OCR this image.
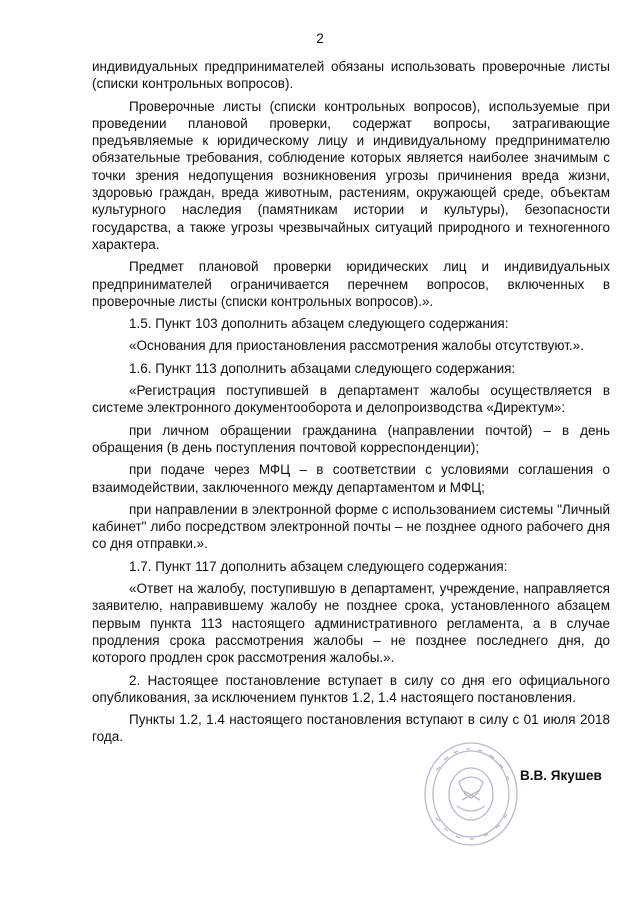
2

индивидуальных предпринимателей обязаны использовать проверочные листы (списки контрольных вопросов).

Проверочные листы (списки контрольных вопросов), используемые при проведении плановой проверки, содержат вопросы, затрагивающие предъявляемые к юридическому лицу и индивидуальному предпринимателю обязательные требования, соблюдение которых является наиболее значимым с точки зрения недопущения возникновения угрозы причинения вреда жизни, здоровью граждан, вреда животным, растениям, окружающей среде, объектам культурного наследия (памятникам истории и культуры), безопасности государства, а также угрозы чрезвычайных ситуаций природного и техногенного характера.

Предмет плановой проверки юридических лиц и индивидуальных предпринимателей ограничивается перечнем вопросов, включенных в проверочные листы (списки контрольных вопросов).».

1.5. Пункт 103 дополнить абзацем следующего содержания:

«Основания для приостановления рассмотрения жалобы отсутствуют.».

1.6. Пункт 113 дополнить абзацами следующего содержания:

«Регистрация поступившей в департамент жалобы осуществляется в системе электронного документооборота и делопроизводства «Директум»:

при личном обращении гражданина (направлении почтой) – в день обращения (в день поступления почтовой корреспонденции);

при подаче через МФЦ – в соответствии с условиями соглашения о взаимодействии, заключенного между департаментом и МФЦ;

при направлении в электронной форме с использованием системы "Личный кабинет" либо посредством электронной почты – не позднее одного рабочего дня со дня отправки.».

1.7. Пункт 117 дополнить абзацем следующего содержания:

«Ответ на жалобу, поступившую в департамент, учреждение, направляется заявителю, направившему жалобу не позднее срока, установленного абзацем первым пункта 113 настоящего административного регламента, а в случае продления срока рассмотрения жалобы – не позднее последнего дня, до которого продлен срок рассмотрения жалобы.».

2. Настоящее постановление вступает в силу со дня его официального опубликования, за исключением пунктов 1.2, 1.4 настоящего постановления.

Пункты 1.2, 1.4 настоящего постановления вступают в силу с 01 июля 2018 года.

В.В. Якушев
